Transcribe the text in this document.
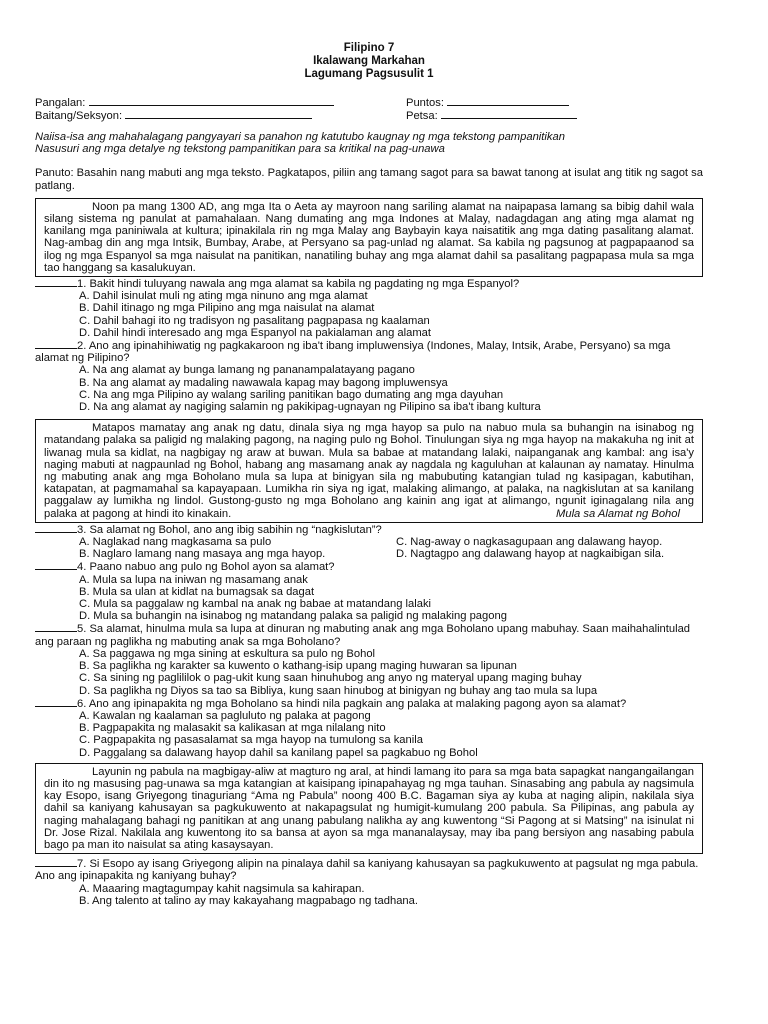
Filipino 7
Ikalawang Markahan
Lagumang Pagsusulit 1
Pangalan:	Puntos:
Baitang/Seksyon:	Petsa:
Naiisa-isa ang mahahalagang pangyayari sa panahon ng katutubo kaugnay ng mga tekstong pampanitikan
Nasusuri ang mga detalye ng tekstong pampanitikan para sa kritikal na pag-unawa
Panuto: Basahin nang mabuti ang mga teksto. Pagkatapos, piliin ang tamang sagot para sa bawat tanong at isulat ang titik ng sagot sa patlang.

Noon pa mang 1300 AD, ang mga Ita o Aeta ay mayroon nang sariling alamat na naipapasa lamang sa bibig dahil wala silang sistema ng panulat at pamahalaan. Nang dumating ang mga Indones at Malay, nadagdagan ang ating mga alamat ng kanilang mga paniniwala at kultura; ipinakilala rin ng mga Malay ang Baybayin kaya naisatitik ang mga dating pasalitang alamat. Nag-ambag din ang mga Intsik, Bumbay, Arabe, at Persyano sa pag-unlad ng alamat. Sa kabila ng pagsunog at pagpapaanod sa ilog ng mga Espanyol sa mga naisulat na panitikan, nanatiling buhay ang mga alamat dahil sa pasalitang pagpapasa mula sa mga tao hanggang sa kasalukuyan.

1. Bakit hindi tuluyang nawala ang mga alamat sa kabila ng pagdating ng mga Espanyol?
A. Dahil isinulat muli ng ating mga ninuno ang mga alamat
B. Dahil itinago ng mga Pilipino ang mga naisulat na alamat
C. Dahil bahagi ito ng tradisyon ng pasalitang pagpapasa ng kaalaman
D. Dahil hindi interesado ang mga Espanyol na pakialaman ang alamat
2. Ano ang ipinahihiwatig ng pagkakaroon ng iba't ibang impluwensiya (Indones, Malay, Intsik, Arabe, Persyano) sa mga alamat ng Pilipino?
A. Na ang alamat ay bunga lamang ng pananampalatayang pagano
B. Na ang alamat ay madaling nawawala kapag may bagong impluwensya
C. Na ang mga Pilipino ay walang sariling panitikan bago dumating ang mga dayuhan
D. Na ang alamat ay nagiging salamin ng pakikipag-ugnayan ng Pilipino sa iba't ibang kultura

Matapos mamatay ang anak ng datu, dinala siya ng mga hayop sa pulo na nabuo mula sa buhangin na isinabog ng matandang palaka sa paligid ng malaking pagong, na naging pulo ng Bohol. Tinulungan siya ng mga hayop na makakuha ng init at liwanag mula sa kidlat, na nagbigay ng araw at buwan. Mula sa babae at matandang lalaki, naipanganak ang kambal: ang isa'y naging mabuti at nagpaunlad ng Bohol, habang ang masamang anak ay nagdala ng kaguluhan at kalaunan ay namatay. Hinulma ng mabuting anak ang mga Boholano mula sa lupa at binigyan sila ng mabubuting katangian tulad ng kasipagan, kabutihan, katapatan, at pagmamahal sa kapayapaan. Lumikha rin siya ng igat, malaking alimango, at palaka, na nagkislutan at sa kanilang paggalaw ay lumikha ng lindol. Gustong-gusto ng mga Boholano ang kainin ang igat at alimango, ngunit iginagalang nila ang palaka at pagong at hindi ito kinakain.	Mula sa Alamat ng Bohol

3. Sa alamat ng Bohol, ano ang ibig sabihin ng “nagkislutan”?
A. Naglakad nang magkasama sa pulo	C. Nag-away o nagkasagupaan ang dalawang hayop.
B. Naglaro lamang nang masaya ang mga hayop.	D. Nagtagpo ang dalawang hayop at nagkaibigan sila.
4. Paano nabuo ang pulo ng Bohol ayon sa alamat?
A. Mula sa lupa na iniwan ng masamang anak
B. Mula sa ulan at kidlat na bumagsak sa dagat
C. Mula sa paggalaw ng kambal na anak ng babae at matandang lalaki
D. Mula sa buhangin na isinabog ng matandang palaka sa paligid ng malaking pagong
5. Sa alamat, hinulma mula sa lupa at dinuran ng mabuting anak ang mga Boholano upang mabuhay. Saan maihahalintulad ang paraan ng paglikha ng mabuting anak sa mga Boholano?
A. Sa paggawa ng mga sining at eskultura sa pulo ng Bohol
B. Sa paglikha ng karakter sa kuwento o kathang-isip upang maging huwaran sa lipunan
C. Sa sining ng paglililok o pag-ukit kung saan hinuhubog ang anyo ng materyal upang maging buhay
D. Sa paglikha ng Diyos sa tao sa Bibliya, kung saan hinubog at binigyan ng buhay ang tao mula sa lupa
6. Ano ang ipinapakita ng mga Boholano sa hindi nila pagkain ang palaka at malaking pagong ayon sa alamat?
A. Kawalan ng kaalaman sa pagluluto ng palaka at pagong
B. Pagpapakita ng malasakit sa kalikasan at mga nilalang nito
C. Pagpapakita ng pasasalamat sa mga hayop na tumulong sa kanila
D. Paggalang sa dalawang hayop dahil sa kanilang papel sa pagkabuo ng Bohol

Layunin ng pabula na magbigay-aliw at magturo ng aral, at hindi lamang ito para sa mga bata sapagkat nangangailangan din ito ng masusing pag-unawa sa mga katangian at kaisipang ipinapahayag ng mga tauhan. Sinasabing ang pabula ay nagsimula kay Esopo, isang Griyegong tinaguriang “Ama ng Pabula” noong 400 B.C. Bagaman siya ay kuba at naging alipin, nakilala siya dahil sa kaniyang kahusayan sa pagkukuwento at nakapagsulat ng humigit-kumulang 200 pabula. Sa Pilipinas, ang pabula ay naging mahalagang bahagi ng panitikan at ang unang pabulang nalikha ay ang kuwentong “Si Pagong at si Matsing” na isinulat ni Dr. Jose Rizal. Nakilala ang kuwentong ito sa bansa at ayon sa mga mananalaysay, may iba pang bersiyon ang nasabing pabula bago pa man ito naisulat sa ating kasaysayan.

7. Si Esopo ay isang Griyegong alipin na pinalaya dahil sa kaniyang kahusayan sa pagkukuwento at pagsulat ng mga pabula. Ano ang ipinapakita ng kaniyang buhay?
A. Maaaring magtagumpay kahit nagsimula sa kahirapan.
B. Ang talento at talino ay may kakayahang magpabago ng tadhana.
